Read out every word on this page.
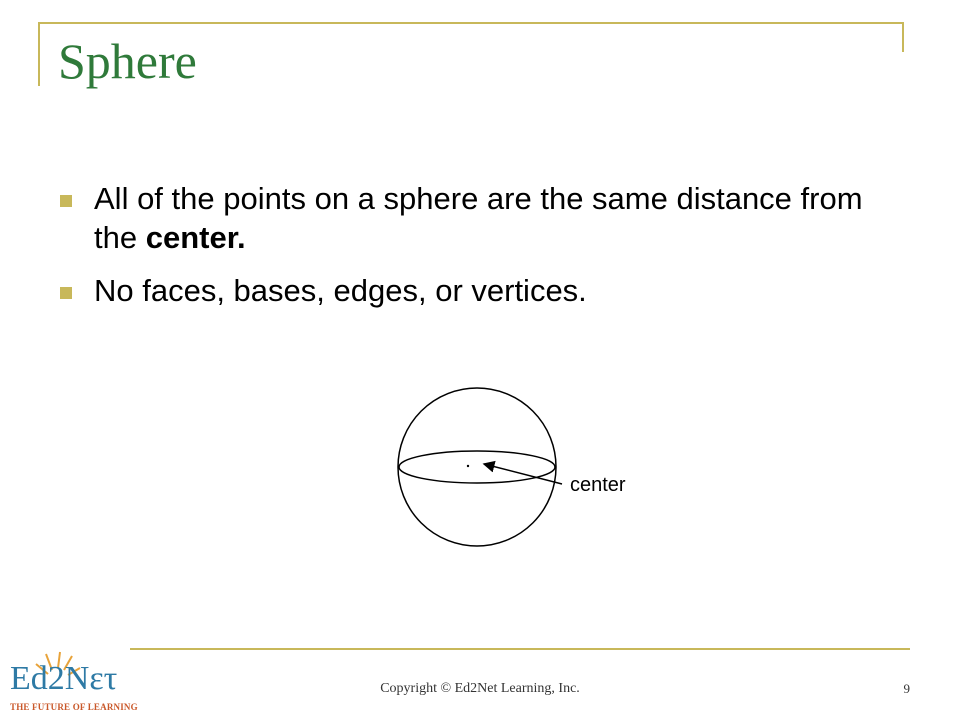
Sphere
All of the points on a sphere are the same distance from the center.
No faces, bases, edges, or vertices.
center
Ed2Nετ
THE FUTURE OF LEARNING
Copyright © Ed2Net Learning, Inc.	9
